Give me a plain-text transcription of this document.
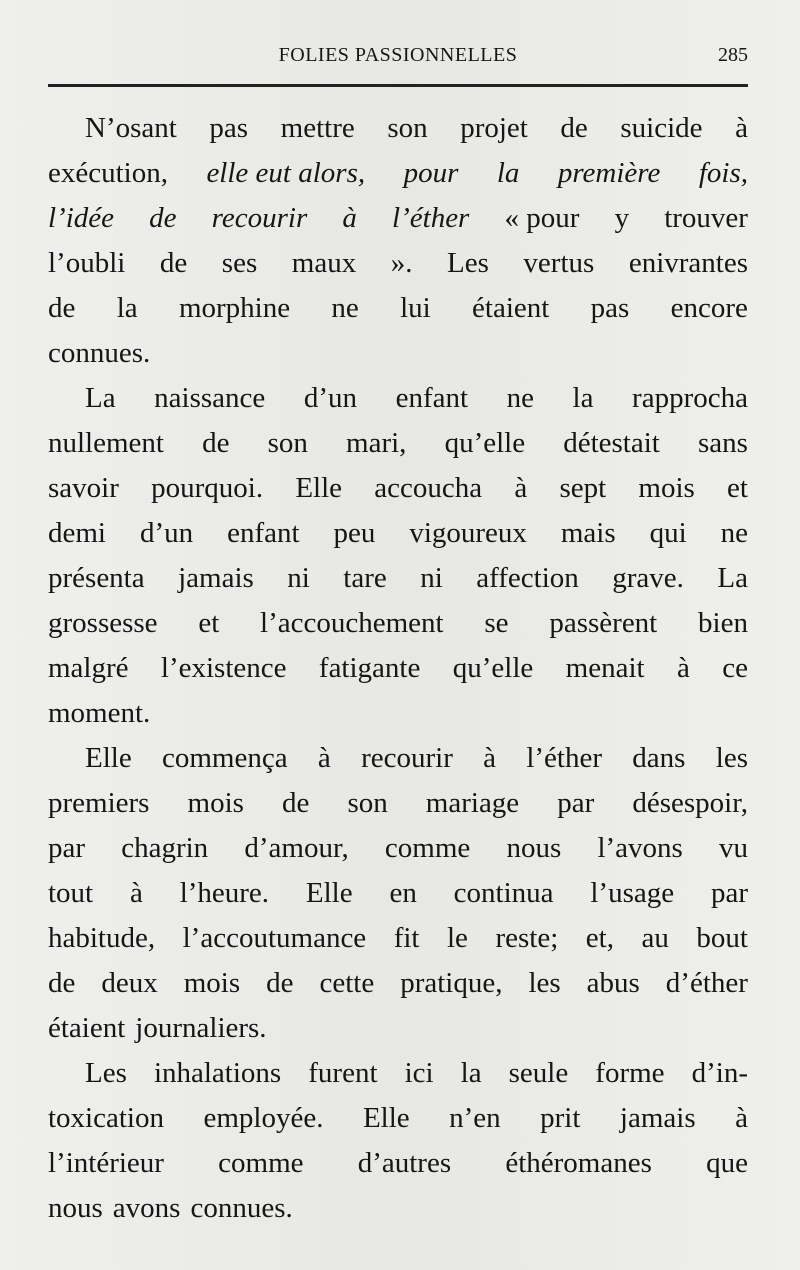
FOLIES PASSIONNELLES	285
N’osant pas mettre son projet de suicide à
exécution, elle eut alors, pour la première fois,
l’idée de recourir à l’éther « pour y trouver
l’oubli de ses maux ». Les vertus enivrantes
de la morphine ne lui étaient pas encore
connues.
La naissance d’un enfant ne la rapprocha
nullement de son mari, qu’elle détestait sans
savoir pourquoi. Elle accoucha à sept mois et
demi d’un enfant peu vigoureux mais qui ne
présenta jamais ni tare ni affection grave. La
grossesse et l’accouchement se passèrent bien
malgré l’existence fatigante qu’elle menait à ce
moment.
Elle commença à recourir à l’éther dans les
premiers mois de son mariage par désespoir,
par chagrin d’amour, comme nous l’avons vu
tout à l’heure. Elle en continua l’usage par
habitude, l’accoutumance fit le reste; et, au bout
de deux mois de cette pratique, les abus d’éther
étaient journaliers.
Les inhalations furent ici la seule forme d’in-
toxication employée. Elle n’en prit jamais à
l’intérieur comme d’autres éthéromanes que
nous avons connues.
